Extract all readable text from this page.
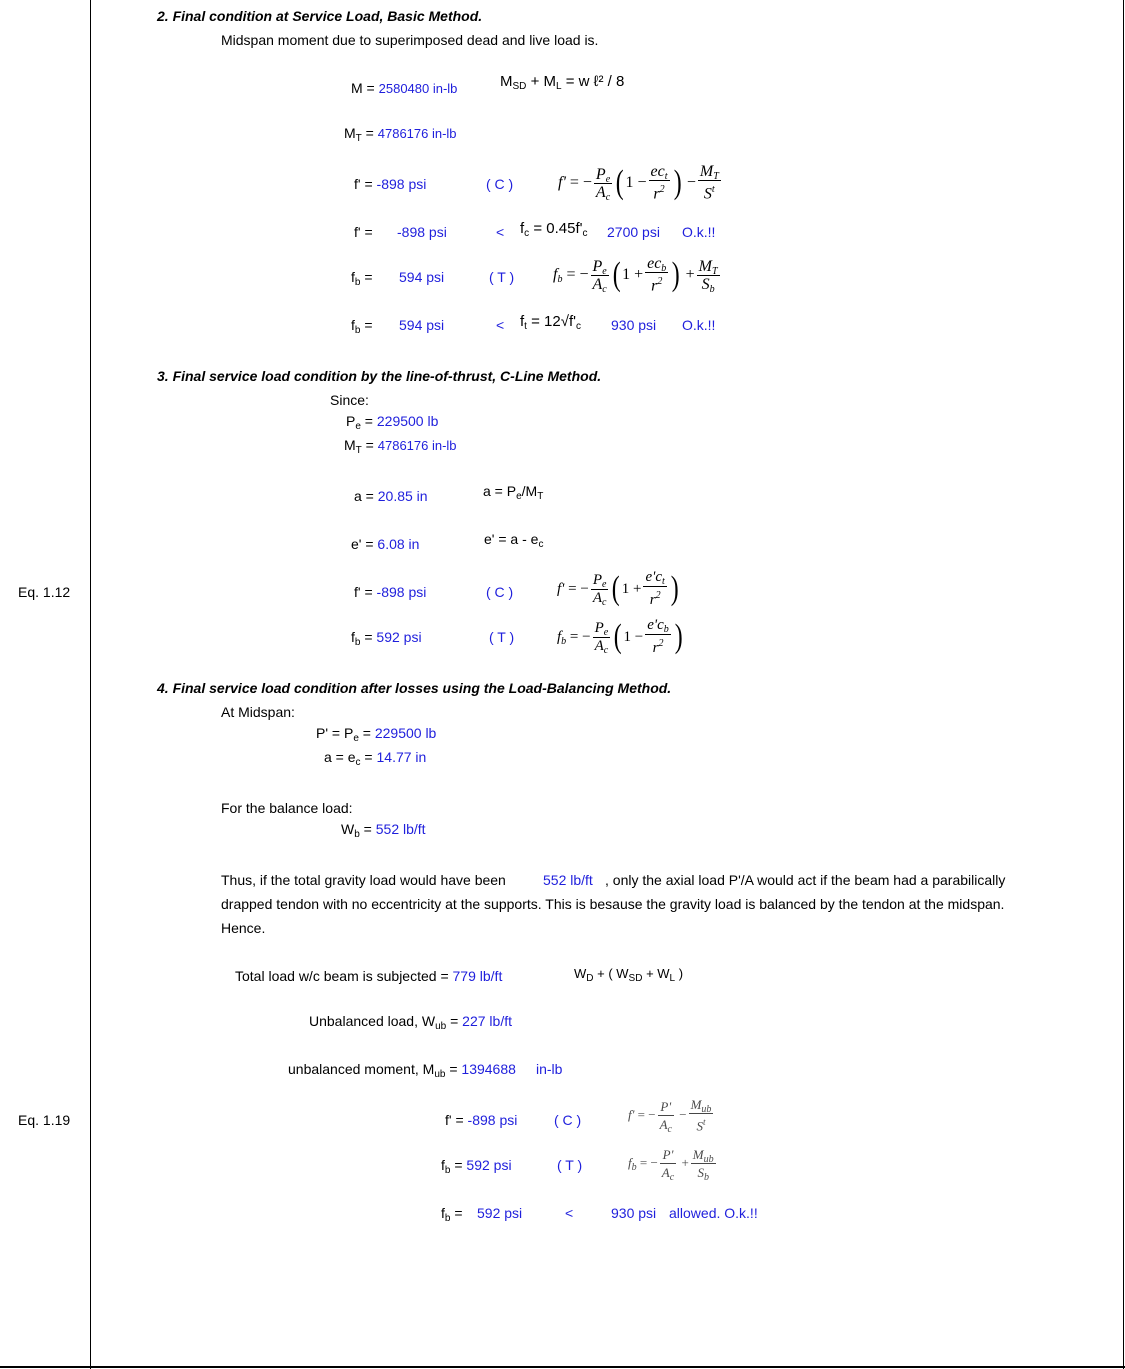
Eq. 1.12
Eq. 1.19
2. Final condition at Service Load, Basic Method.
Midspan moment due to superimposed dead and live load is.
M = 2580480 in-lb	$M_{SD} + M_L = w$ ℓ² / 8
$M_T = 4786176$ in-lb
f' = -898 psi	( C )	f' = − $\frac{P_e}{A_c}$ ( $1 - \frac{ec_t}{r^2}$ ) − $\frac{M_T}{S^t}$
f' = -898 psi	< $f_c = 0.45f'_c$ 2700 psi O.k.!!
$f_b = 594$ psi	( T ) $f_b$ = − $\frac{P_e}{A_c}$ ( $1 + \frac{ec_b}{r^2}$ ) + $\frac{M_T}{S_b}$
$f_b = 594$ psi	< $f_t = 12√f'_c$ 930 psi O.k.!!
3. Final service load condition by the line-of-thrust, C-Line Method.
Since:
$P_e = 229500$ lb
$M_T = 4786176$ in-lb
a = 20.85 in	$a = P_e/M_T$
e' = 6.08 in	$e' = a - e_c$
f' = -898 psi	( C )	f' = − $\frac{P_e}{A_c}$ ( $1 + \frac{e'c_t}{r^2}$ )
$f_b = 592$ psi	( T )	$f_b$ = − $\frac{P_e}{A_c}$ ( $1 - \frac{e'c_b}{r^2}$ )
4. Final service load condition after losses using the Load-Balancing Method.
At Midspan:
$P' = P_e = 229500$ lb
$a = e_c = 14.77$ in
For the balance load:
$W_b = 552$ lb/ft
Thus, if the total gravity load would have been	552 lb/ft , only the axial load P'/A would act if the beam had a parabilically
drapped tendon with no eccentricity at the supports. This is besause the gravity load is balanced by the tendon at the midspan.
Hence.
Total load w/c beam is subjected = 779 lb/ft	$W_D$ + ( $W_{SD} + W_L$ )
Unbalanced load, $W_{ub} = 227$ lb/ft
unbalanced moment, $M_{ub} = 1394688$ in-lb
f' = -898 psi	( C )	f' = − $\frac{P'}{A_c} - \frac{M_{ub}}{S^t}$
$f_b = 592$ psi	( T )	$f_b$ = − $\frac{P'}{A_c} + \frac{M_{ub}}{S_b}$
$f_b = 592$ psi	<	930 psi allowed. O.k.!!
